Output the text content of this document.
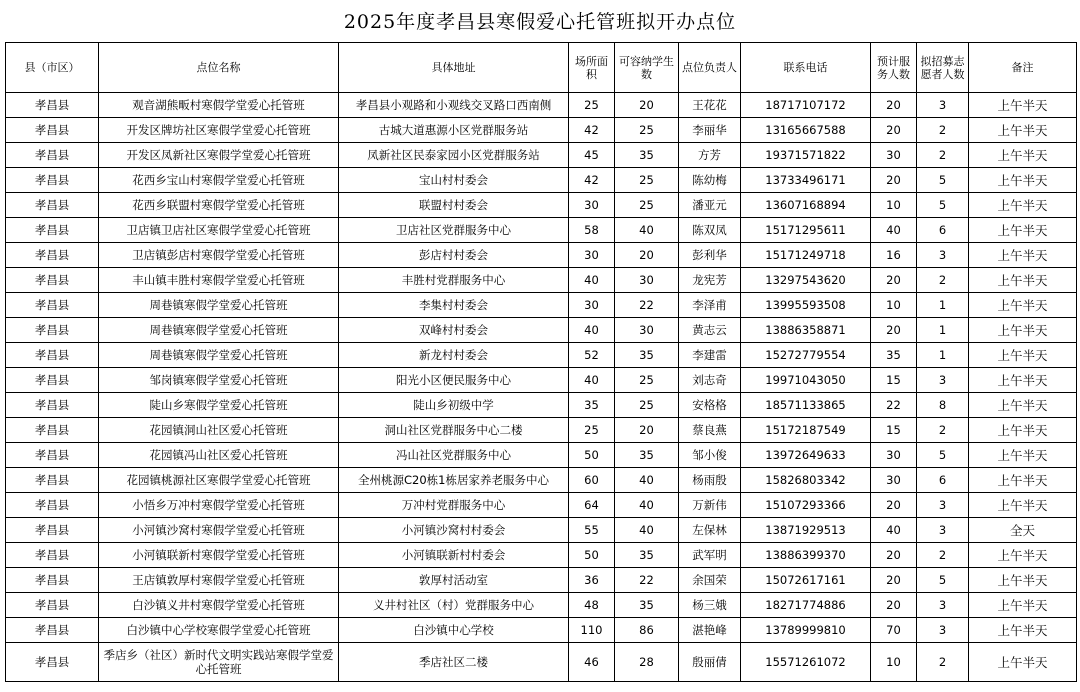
2025年度孝昌县寒假爱心托管班拟开办点位
县（市区）	点位名称	具体地址	场所面积	可容纳学生数	点位负责人	联系电话	预计服务人数	拟招募志愿者人数	备注
孝昌县	观音湖熊畈村寒假学堂爱心托管班	孝昌县小观路和小观线交叉路口西南侧	25	20	王花花	18717107172	20	3	上午半天
孝昌县	开发区牌坊社区寒假学堂爱心托管班	古城大道惠源小区党群服务站	42	25	李丽华	13165667588	20	2	上午半天
孝昌县	开发区凤新社区寒假学堂爱心托管班	凤新社区民泰家园小区党群服务站	45	35	方芳	19371571822	30	2	上午半天
孝昌县	花西乡宝山村寒假学堂爱心托管班	宝山村村委会	42	25	陈幼梅	13733496171	20	5	上午半天
孝昌县	花西乡联盟村寒假学堂爱心托管班	联盟村村委会	30	25	潘亚元	13607168894	10	5	上午半天
孝昌县	卫店镇卫店社区寒假学堂爱心托管班	卫店社区党群服务中心	58	40	陈双凤	15171295611	40	6	上午半天
孝昌县	卫店镇彭店村寒假学堂爱心托管班	彭店村村委会	30	20	彭利华	15171249718	16	3	上午半天
孝昌县	丰山镇丰胜村寒假学堂爱心托管班	丰胜村党群服务中心	40	30	龙宪芳	13297543620	20	2	上午半天
孝昌县	周巷镇寒假学堂爱心托管班	李集村村委会	30	22	李泽甫	13995593508	10	1	上午半天
孝昌县	周巷镇寒假学堂爱心托管班	双峰村村委会	40	30	黄志云	13886358871	20	1	上午半天
孝昌县	周巷镇寒假学堂爱心托管班	新龙村村委会	52	35	李建雷	15272779554	35	1	上午半天
孝昌县	邹岗镇寒假学堂爱心托管班	阳光小区便民服务中心	40	25	刘志奇	19971043050	15	3	上午半天
孝昌县	陡山乡寒假学堂爱心托管班	陡山乡初级中学	35	25	安格格	18571133865	22	8	上午半天
孝昌县	花园镇洞山社区爱心托管班	洞山社区党群服务中心二楼	25	20	蔡良燕	15172187549	15	2	上午半天
孝昌县	花园镇冯山社区爱心托管班	冯山社区党群服务中心	50	35	邹小俊	13972649633	30	5	上午半天
孝昌县	花园镇桃源社区寒假学堂爱心托管班	全州桃源C20栋1栋居家养老服务中心	60	40	杨雨殷	15826803342	30	6	上午半天
孝昌县	小悟乡万冲村寒假学堂爱心托管班	万冲村党群服务中心	64	40	万新伟	15107293366	20	3	上午半天
孝昌县	小河镇沙窝村寒假学堂爱心托管班	小河镇沙窝村村委会	55	40	左保林	13871929513	40	3	全天
孝昌县	小河镇联新村寒假学堂爱心托管班	小河镇联新村村委会	50	35	武军明	13886399370	20	2	上午半天
孝昌县	王店镇敦厚村寒假学堂爱心托管班	敦厚村活动室	36	22	余国荣	15072617161	20	5	上午半天
孝昌县	白沙镇义井村寒假学堂爱心托管班	义井村社区（村）党群服务中心	48	35	杨三娥	18271774886	20	3	上午半天
孝昌县	白沙镇中心学校寒假学堂爱心托管班	白沙镇中心学校	110	86	湛艳峰	13789999810	70	3	上午半天
孝昌县	季店乡（社区）新时代文明实践站寒假学堂爱心托管班	季店社区二楼	46	28	殷丽倩	15571261072	10	2	上午半天
